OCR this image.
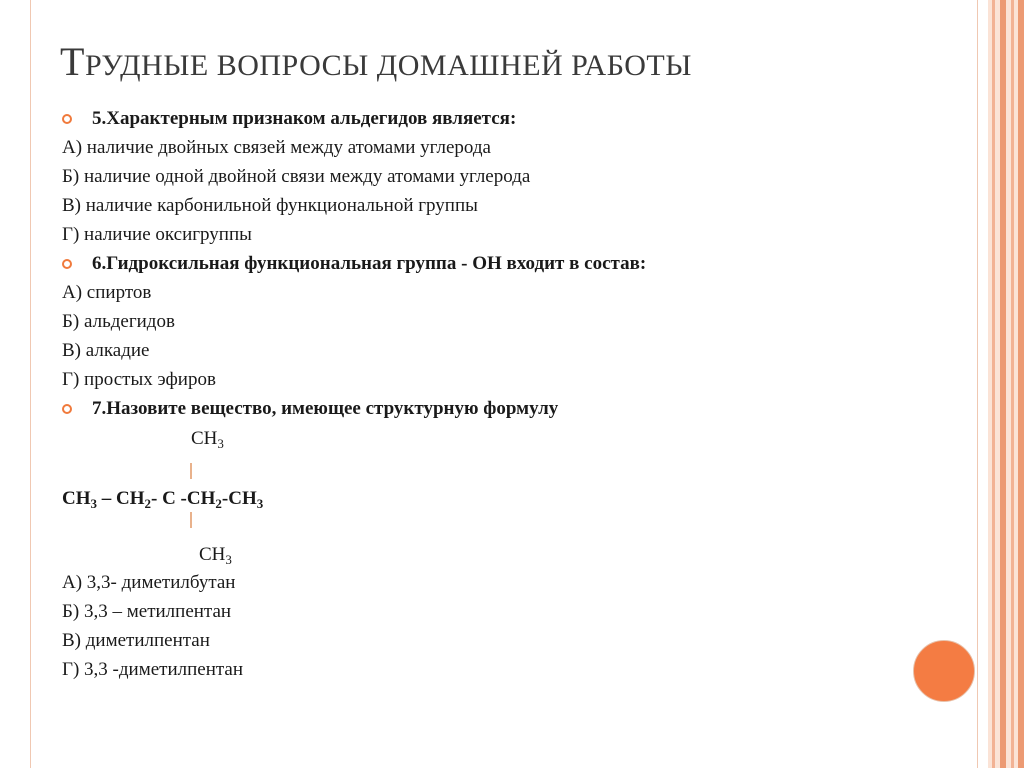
ТРУДНЫЕ ВОПРОСЫ ДОМАШНЕЙ РАБОТЫ
5.Характерным признаком альдегидов является:
А) наличие двойных связей между атомами углерода
Б) наличие одной двойной связи между атомами углерода
В) наличие карбонильной функциональной группы
Г) наличие оксигруппы
6.Гидроксильная функциональная группа - ОН входит в состав:
А) спиртов
Б) альдегидов
В) алкадие
Г) простых эфиров
7.Назовите вещество, имеющее структурную формулу
$CH_3$
$CH_3 - CH_2-$ C $-CH_2-CH_3$
$CH_3$
А) 3,3- диметилбутан
Б) 3,3 – метилпентан
В) диметилпентан
Г) 3,3 -диметилпентан
